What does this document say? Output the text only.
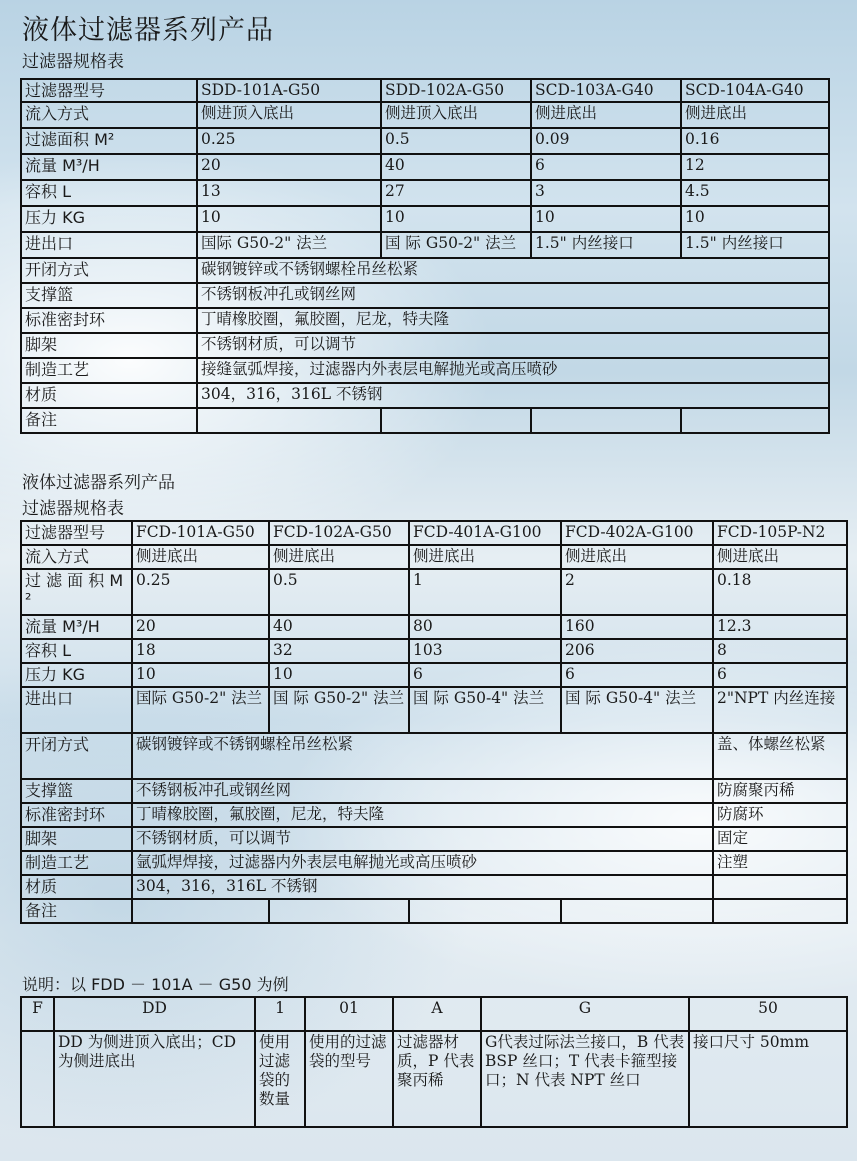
液体过滤器系列产品
过滤器规格表
过滤器型号	SDD-101A-G50	SDD-102A-G50	SCD-103A-G40	SCD-104A-G40
流入方式	侧进顶入底出	侧进顶入底出	侧进底出	侧进底出
过滤面积 M²	0.25	0.5	0.09	0.16
流量 M³/H	20	40	6	12
容积 L	13	27	3	4.5
压力 KG	10	10	10	10
进出口	国际 G50-2" 法兰	国 际 G50-2" 法兰	1.5" 内丝接口	1.5" 内丝接口
开闭方式	碳钢镀锌或不锈钢螺栓吊丝松紧			
支撑篮	不锈钢板冲孔或钢丝网			
标准密封环	丁晴橡胶圈，氟胶圈，尼龙，特夫隆			
脚架	不锈钢材质，可以调节			
制造工艺	接缝氩弧焊接，过滤器内外表层电解抛光或高压喷砂			
材质	304，316，316L 不锈钢			
备注				
液体过滤器系列产品
过滤器规格表
过滤器型号	FCD-101A-G50	FCD-102A-G50	FCD-401A-G100	FCD-402A-G100	FCD-105P-N2
流入方式	侧进底出	侧进底出	侧进底出	侧进底出	侧进底出
过 滤 面 积 M²	0.25	0.5	1	2	0.18
流量 M³/H	20	40	80	160	12.3
容积 L	18	32	103	206	8
压力 KG	10	10	6	6	6
进出口	国际 G50-2" 法兰	国 际 G50-2" 法兰	国 际 G50-4" 法兰	国 际 G50-4" 法兰	2"NPT 内丝连接
开闭方式	碳钢镀锌或不锈钢螺栓吊丝松紧				盖、体螺丝松紧
支撑篮	不锈钢板冲孔或钢丝网				防腐聚丙稀
标准密封环	丁晴橡胶圈，氟胶圈，尼龙，特夫隆				防腐环
脚架	不锈钢材质，可以调节				固定
制造工艺	氩弧焊焊接，过滤器内外表层电解抛光或高压喷砂				注塑
材质	304，316，316L 不锈钢				
备注					
说明：以 FDD － 101A － G50 为例
F	DD	1	01	A	G	50
	DD 为侧进顶入底出；CD 为侧进底出	使用过滤袋的数量	使用的过滤袋的型号	过滤器材质，P 代表聚丙稀	G代表过际法兰接口，B 代表 BSP 丝口；T 代表卡箍型接口；N 代表 NPT 丝口	接口尺寸 50mm
